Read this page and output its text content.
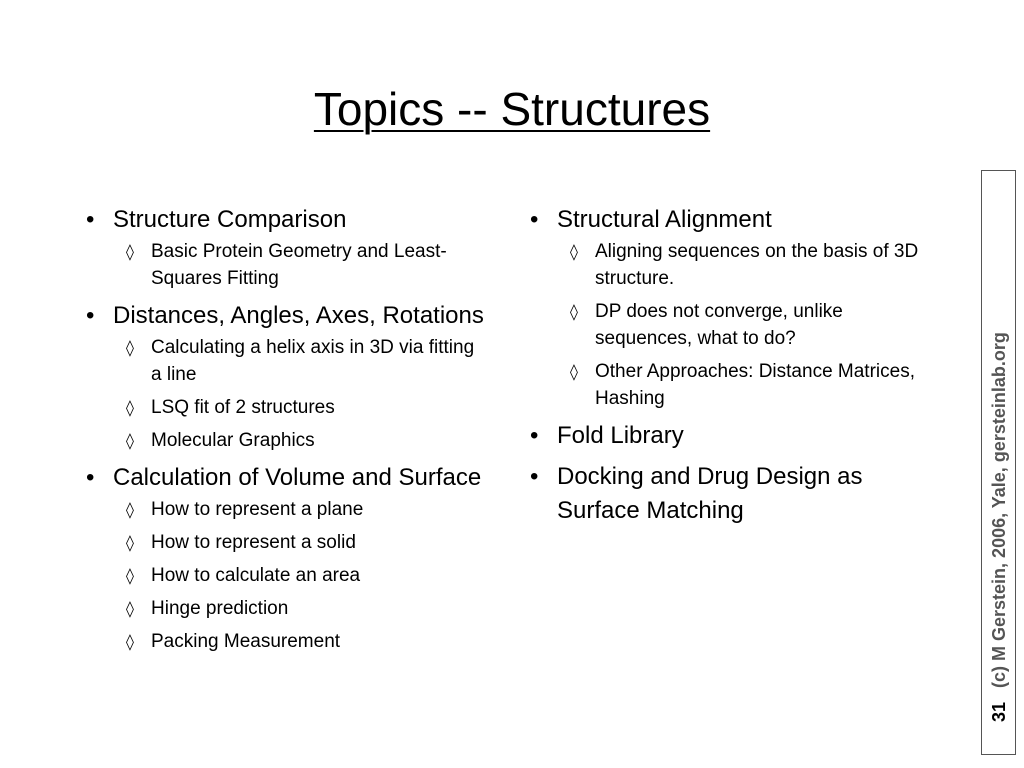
Topics -- Structures
• Structure Comparison
◊ Basic Protein Geometry and Least-Squares Fitting
• Distances, Angles, Axes, Rotations
◊ Calculating a helix axis in 3D via fitting a line
◊ LSQ fit of 2 structures
◊ Molecular Graphics
• Calculation of Volume and Surface
◊ How to represent a plane
◊ How to represent a solid
◊ How to calculate an area
◊ Hinge prediction
◊ Packing Measurement
• Structural Alignment
◊ Aligning sequences on the basis of 3D structure.
◊ DP does not converge, unlike sequences, what to do?
◊ Other Approaches: Distance Matrices, Hashing
• Fold Library
• Docking and Drug Design as Surface Matching
31(c) M Gerstein, 2006, Yale, gersteinlab.org
